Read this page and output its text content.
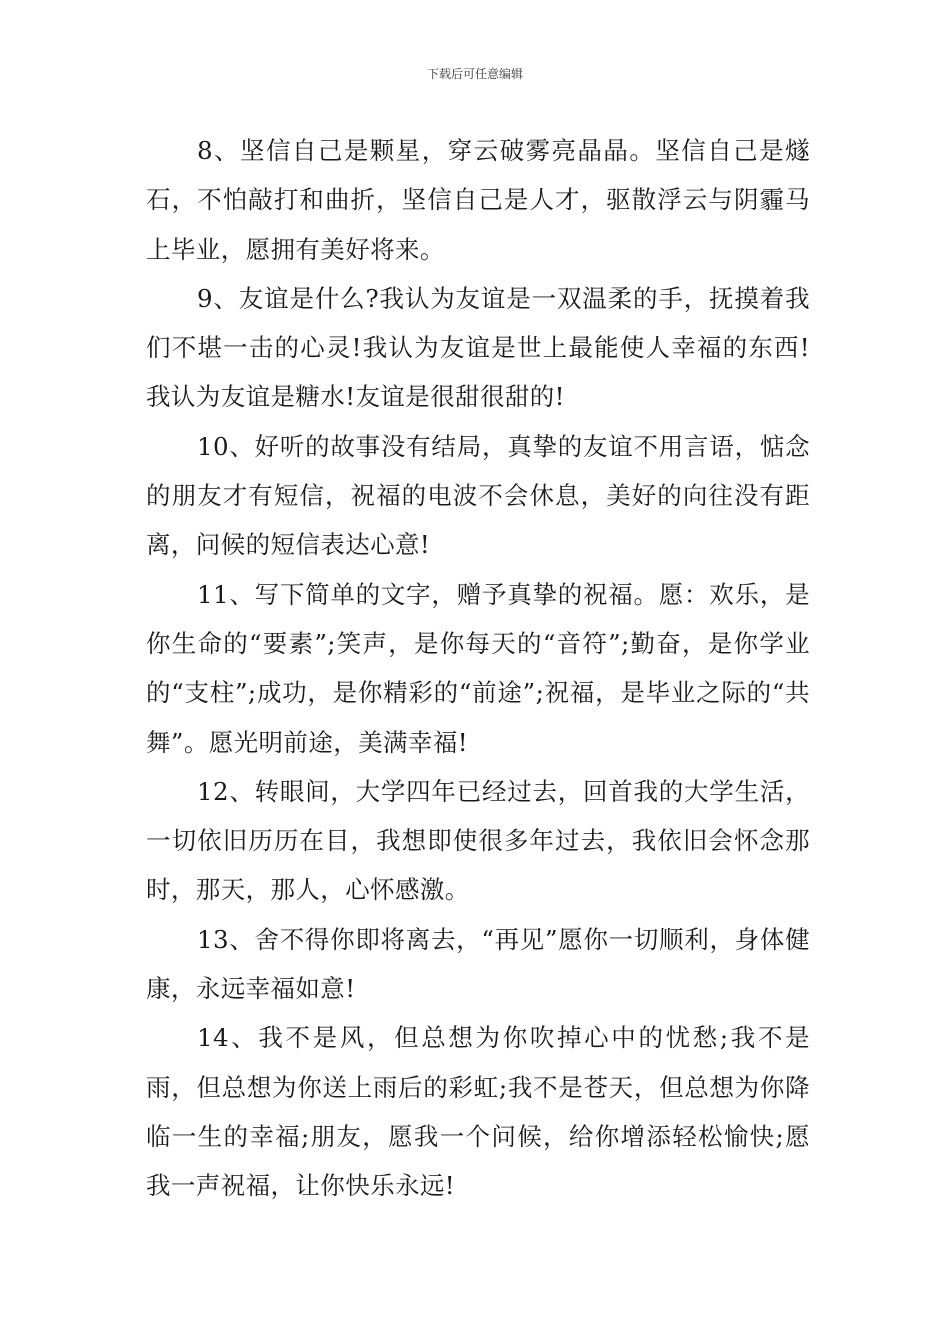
下载后可任意编辑

8、坚信自己是颗星，穿云破雾亮晶晶。坚信自己是燧石，不怕敲打和曲折，坚信自己是人才，驱散浮云与阴霾马上毕业，愿拥有美好将来。

9、友谊是什么?我认为友谊是一双温柔的手，抚摸着我们不堪一击的心灵!我认为友谊是世上最能使人幸福的东西!我认为友谊是糖水!友谊是很甜很甜的!

10、好听的故事没有结局，真挚的友谊不用言语，惦念的朋友才有短信，祝福的电波不会休息，美好的向往没有距离，问候的短信表达心意!

11、写下简单的文字，赠予真挚的祝福。愿：欢乐，是你生命的“要素”;笑声，是你每天的“音符”;勤奋，是你学业的“支柱”;成功，是你精彩的“前途”;祝福，是毕业之际的“共舞”。愿光明前途，美满幸福!

12、转眼间，大学四年已经过去，回首我的大学生活，一切依旧历历在目，我想即使很多年过去，我依旧会怀念那时，那天，那人，心怀感激。

13、舍不得你即将离去，“再见”愿你一切顺利，身体健康，永远幸福如意!

14、我不是风，但总想为你吹掉心中的忧愁;我不是雨，但总想为你送上雨后的彩虹;我不是苍天，但总想为你降临一生的幸福;朋友，愿我一个问候，给你增添轻松愉快;愿我一声祝福，让你快乐永远!
